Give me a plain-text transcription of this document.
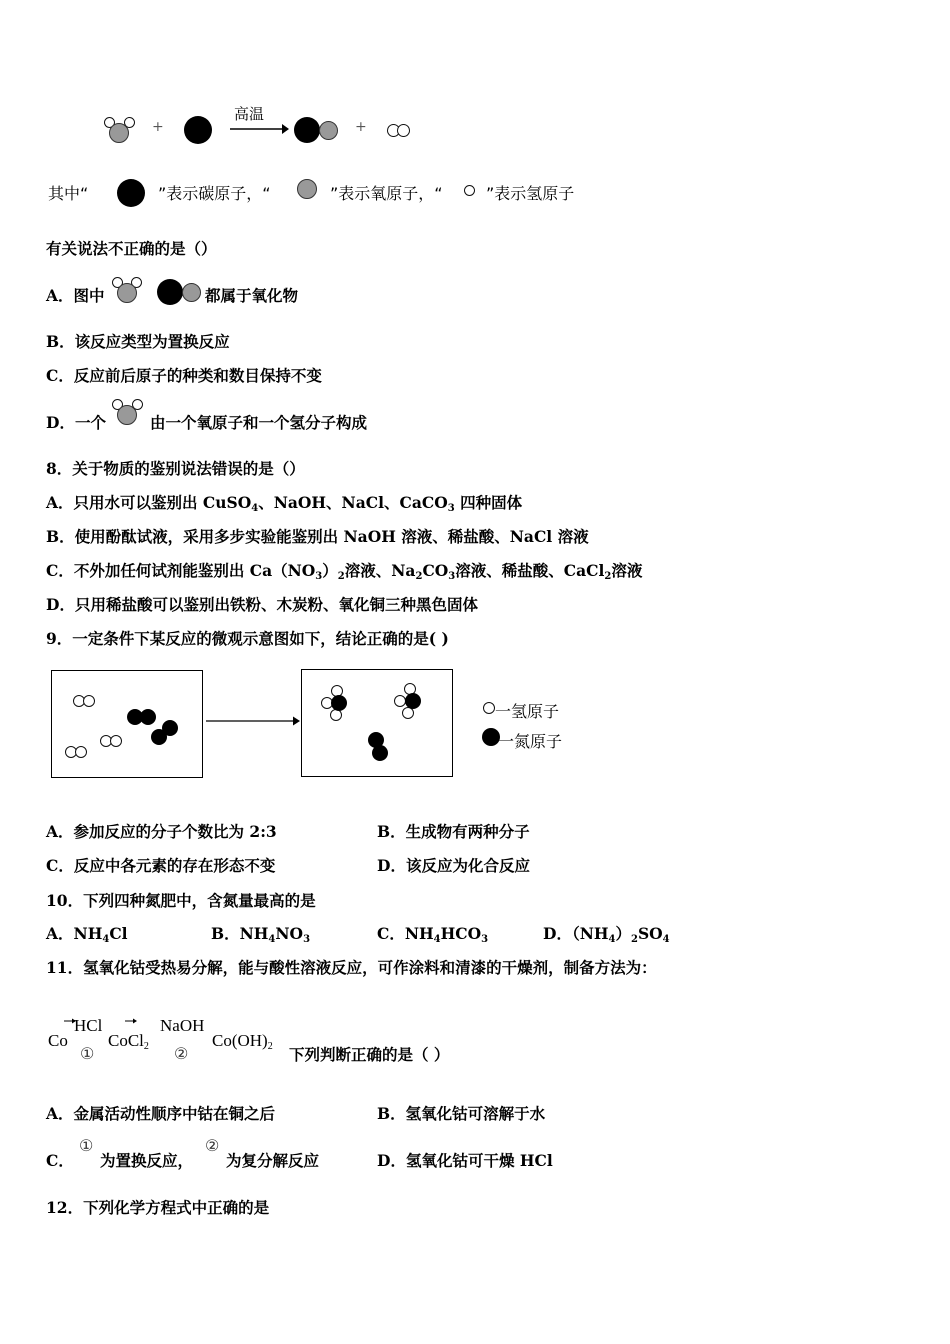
+
高温
+
其中“	”表示碳原子，“	”表示氧原子，“	”表示氢原子
有关说法不正确的是（）
A．图中	都属于氧化物
B．该反应类型为置换反应
C．反应前后原子的种类和数目保持不变
D．一个	由一个氧原子和一个氢分子构成
8．关于物质的鉴别说法错误的是（）
A．只用水可以鉴别出 CuSO$_4$、NaOH、NaCl、CaCO$_3$ 四种固体
B．使用酚酞试液，采用多步实验能鉴别出 NaOH 溶液、稀盐酸、NaCl 溶液
C．不外加任何试剂能鉴别出 $Ca(NO_3)_2$溶液、$Na_2CO_3$溶液、稀盐酸、CaCl$_2$溶液
D．只用稀盐酸可以鉴别出铁粉、木炭粉、氧化铜三种黑色固体
9．一定条件下某反应的微观示意图如下，结论正确的是( )
一氢原子
一氮原子
A．参加反应的分子个数比为 2:3	B．生成物有两种分子
C．反应中各元素的存在形态不变	D．该反应为化合反应
10．下列四种氮肥中，含氮量最高的是
A．$NH_4Cl$	B．$NH_4NO_3$	C．$NH_4HCO_3$	D．$(NH_4)_2SO_4$
11．氢氧化钴受热易分解，能与酸性溶液反应，可作涂料和清漆的干燥剂，制备方法为：
Co
HCl
①
CoCl$_2$
NaOH
②
$Co(OH)_2$ 下列判断正确的是（ ）
A．金属活动性顺序中钴在铜之后	B．氢氧化钴可溶解于水
C．
①
为置换反应，
②
为复分解反应	D．氢氧化钴可干燥 HCl
12．下列化学方程式中正确的是
